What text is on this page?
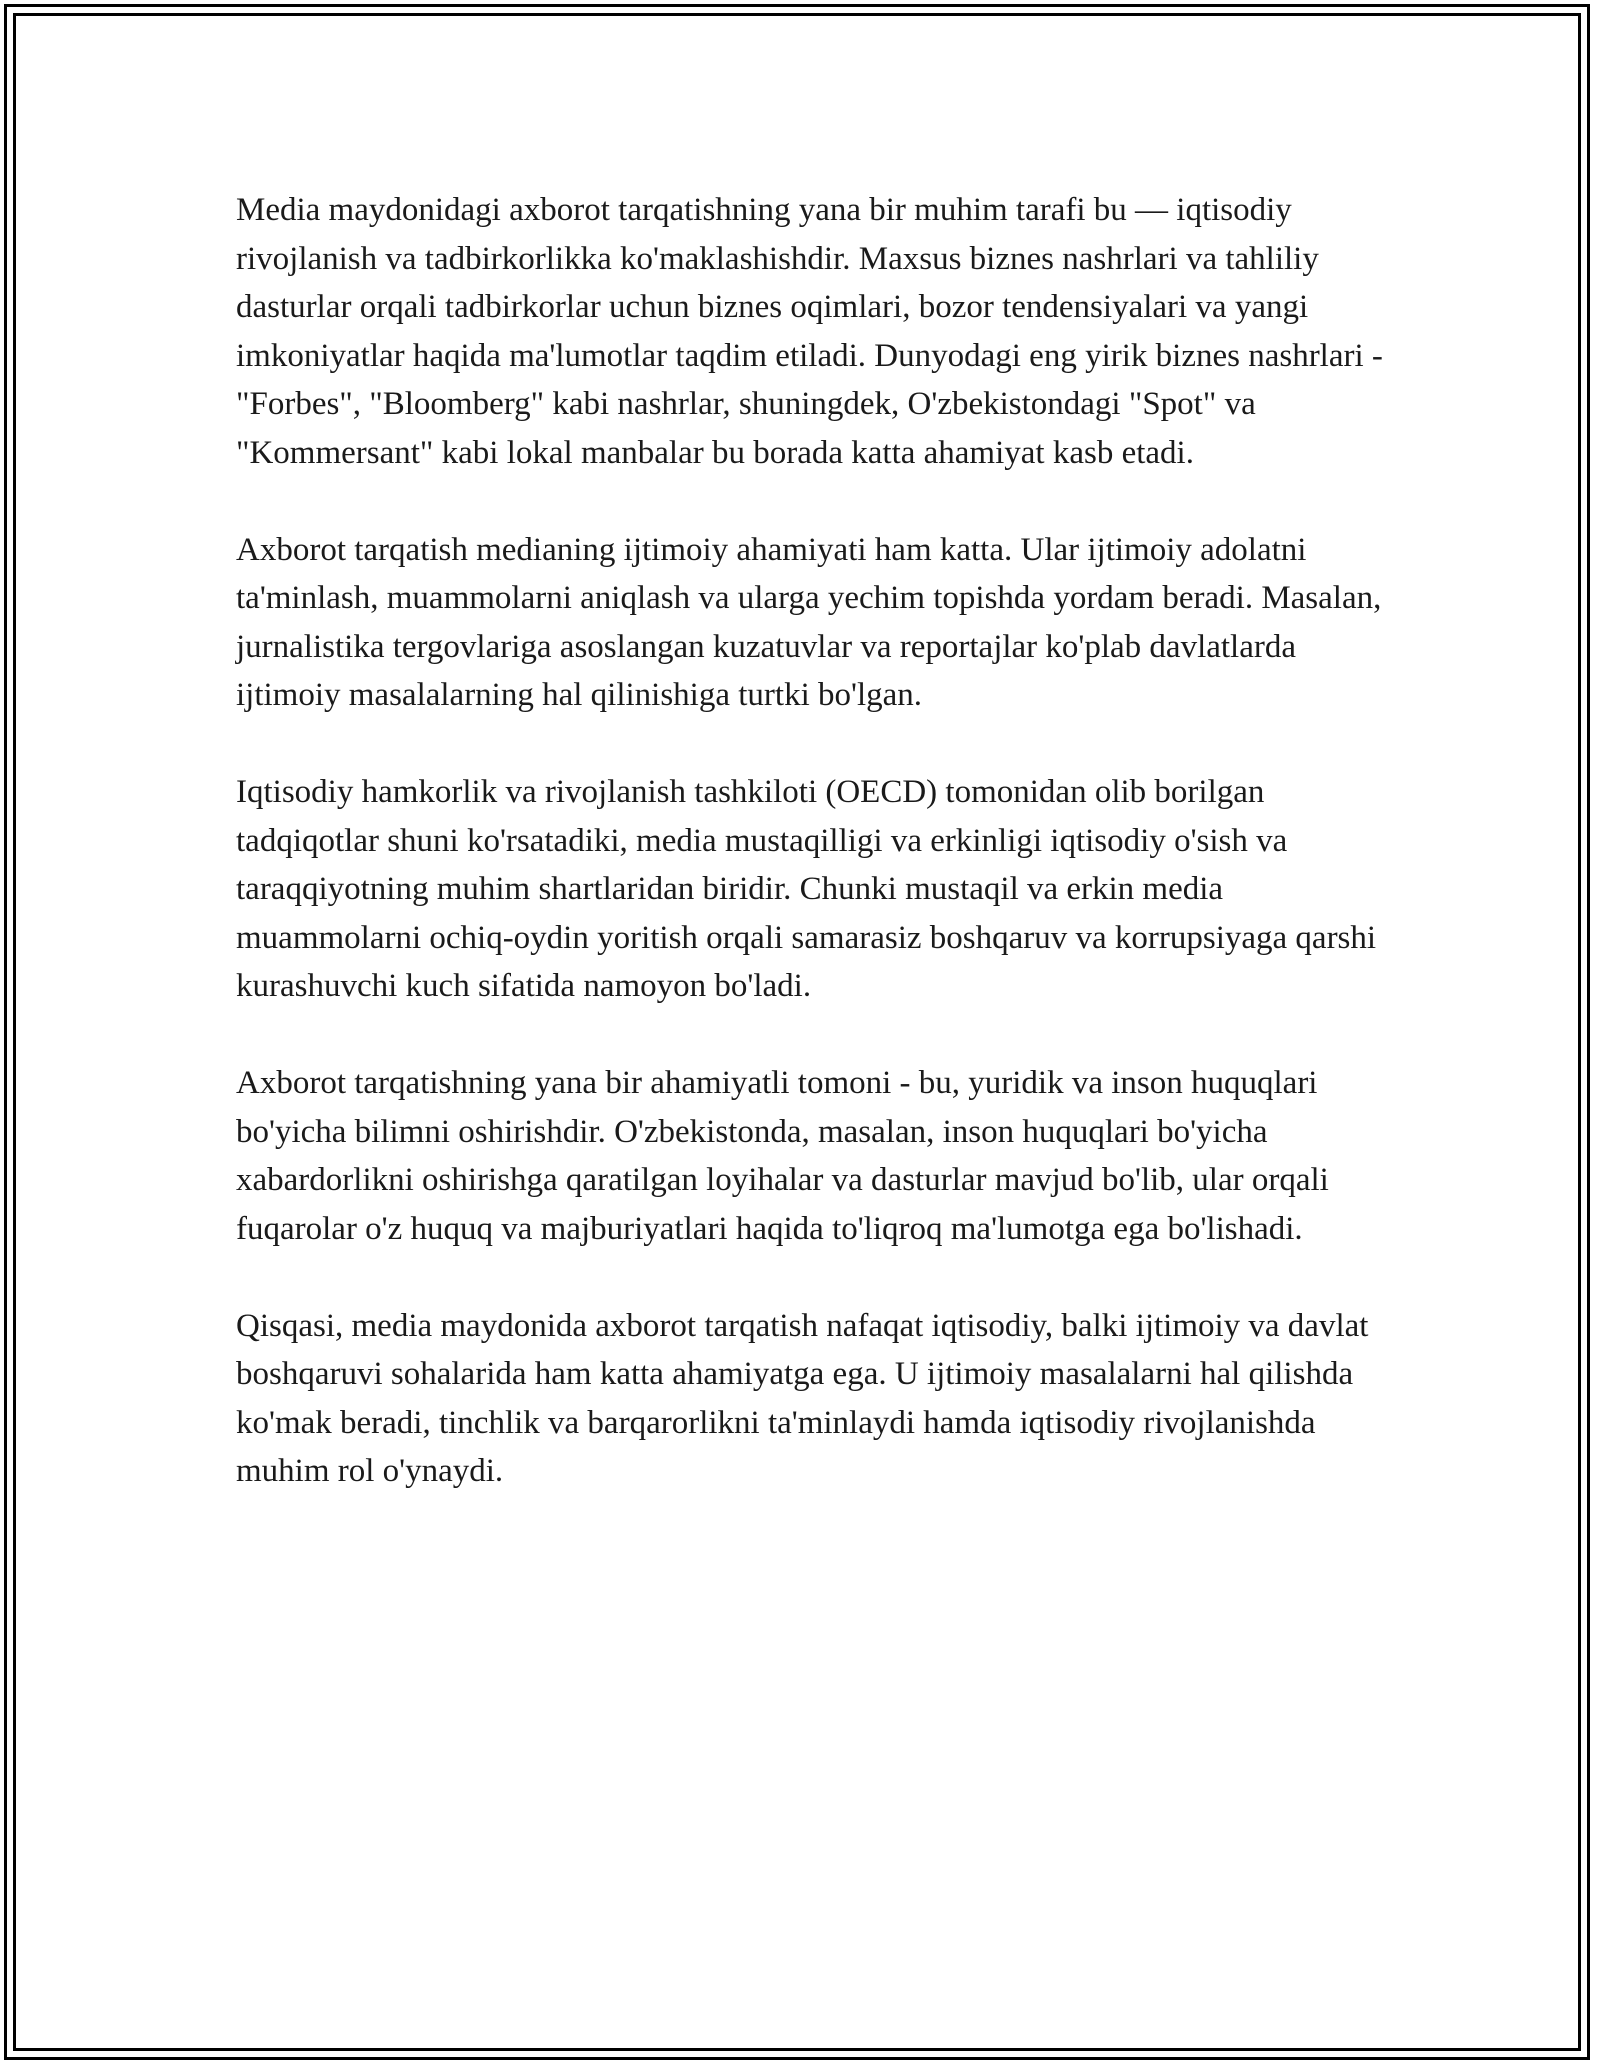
Media maydonidagi axborot tarqatishning yana bir muhim tarafi bu — iqtisodiy rivojlanish va tadbirkorlikka ko'maklashishdir. Maxsus biznes nashrlari va tahliliy dasturlar orqali tadbirkorlar uchun biznes oqimlari, bozor tendensiyalari va yangi imkoniyatlar haqida ma'lumotlar taqdim etiladi. Dunyodagi eng yirik biznes nashrlari - "Forbes", "Bloomberg" kabi nashrlar, shuningdek, O'zbekistondagi "Spot" va "Kommersant" kabi lokal manbalar bu borada katta ahamiyat kasb etadi.

Axborot tarqatish medianing ijtimoiy ahamiyati ham katta. Ular ijtimoiy adolatni ta'minlash, muammolarni aniqlash va ularga yechim topishda yordam beradi. Masalan, jurnalistika tergovlariga asoslangan kuzatuvlar va reportajlar ko'plab davlatlarda ijtimoiy masalalarning hal qilinishiga turtki bo'lgan.

Iqtisodiy hamkorlik va rivojlanish tashkiloti (OECD) tomonidan olib borilgan tadqiqotlar shuni ko'rsatadiki, media mustaqilligi va erkinligi iqtisodiy o'sish va taraqqiyotning muhim shartlaridan biridir. Chunki mustaqil va erkin media muammolarni ochiq-oydin yoritish orqali samarasiz boshqaruv va korrupsiyaga qarshi kurashuvchi kuch sifatida namoyon bo'ladi.

Axborot tarqatishning yana bir ahamiyatli tomoni - bu, yuridik va inson huquqlari bo'yicha bilimni oshirishdir. O'zbekistonda, masalan, inson huquqlari bo'yicha xabardorlikni oshirishga qaratilgan loyihalar va dasturlar mavjud bo'lib, ular orqali fuqarolar o'z huquq va majburiyatlari haqida to'liqroq ma'lumotga ega bo'lishadi.

Qisqasi, media maydonida axborot tarqatish nafaqat iqtisodiy, balki ijtimoiy va davlat boshqaruvi sohalarida ham katta ahamiyatga ega. U ijtimoiy masalalarni hal qilishda ko'mak beradi, tinchlik va barqarorlikni ta'minlaydi hamda iqtisodiy rivojlanishda muhim rol o'ynaydi.
